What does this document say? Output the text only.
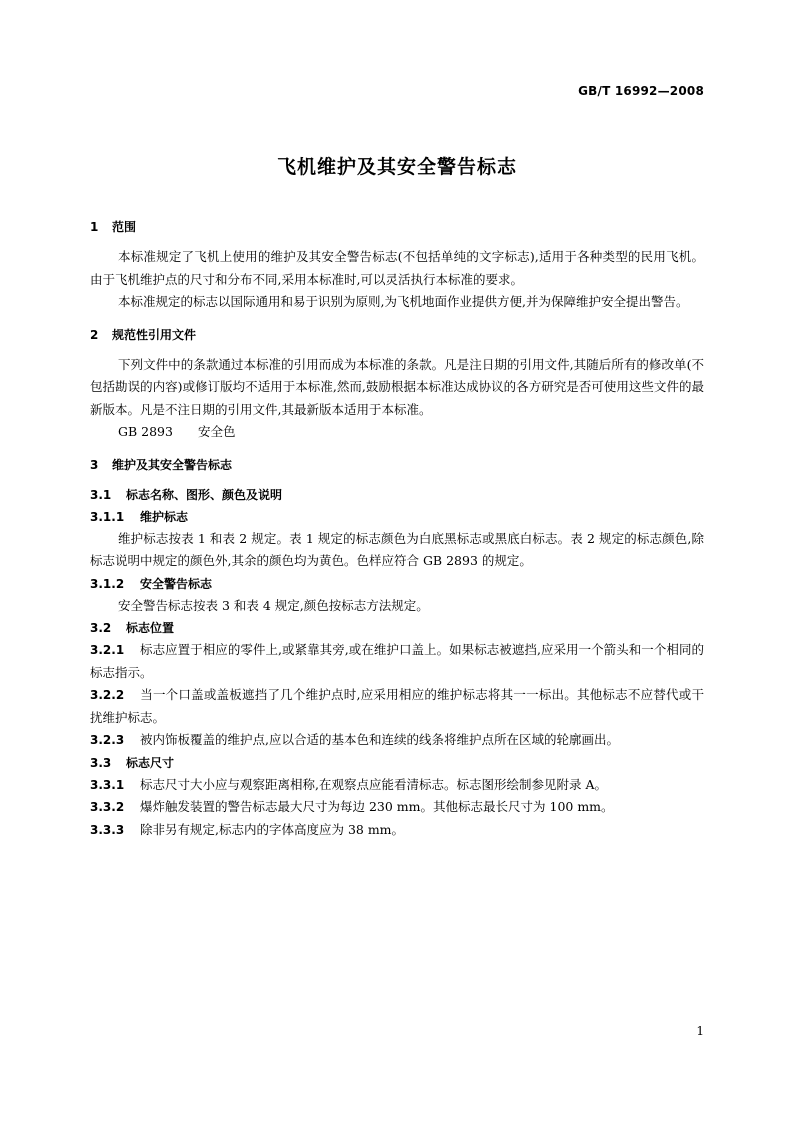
GB/T 16992—2008
飞机维护及其安全警告标志
1 范围

本标准规定了飞机上使用的维护及其安全警告标志(不包括单纯的文字标志),适用于各种类型的民用飞机。由于飞机维护点的尺寸和分布不同,采用本标准时,可以灵活执行本标准的要求。

本标准规定的标志以国际通用和易于识别为原则,为飞机地面作业提供方便,并为保障维护安全提出警告。

2 规范性引用文件

下列文件中的条款通过本标准的引用而成为本标准的条款。凡是注日期的引用文件,其随后所有的修改单(不包括勘误的内容)或修订版均不适用于本标准,然而,鼓励根据本标准达成协议的各方研究是否可使用这些文件的最新版本。凡是不注日期的引用文件,其最新版本适用于本标准。

GB 2893 安全色

3 维护及其安全警告标志
3.1 标志名称、图形、颜色及说明
3.1.1 维护标志

维护标志按表 1 和表 2 规定。表 1 规定的标志颜色为白底黑标志或黑底白标志。表 2 规定的标志颜色,除标志说明中规定的颜色外,其余的颜色均为黄色。色样应符合 GB 2893 的规定。

3.1.2 安全警告标志

安全警告标志按表 3 和表 4 规定,颜色按标志方法规定。

3.2 标志位置

3.2.1 标志应置于相应的零件上,或紧靠其旁,或在维护口盖上。如果标志被遮挡,应采用一个箭头和一个相同的标志指示。

3.2.2 当一个口盖或盖板遮挡了几个维护点时,应采用相应的维护标志将其一一标出。其他标志不应替代或干扰维护标志。

3.2.3 被内饰板覆盖的维护点,应以合适的基本色和连续的线条将维护点所在区域的轮廓画出。

3.3 标志尺寸

3.3.1 标志尺寸大小应与观察距离相称,在观察点应能看清标志。标志图形绘制参见附录 A。

3.3.2 爆炸触发装置的警告标志最大尺寸为每边 230 mm。其他标志最长尺寸为 100 mm。

3.3.3 除非另有规定,标志内的字体高度应为 38 mm。

1
